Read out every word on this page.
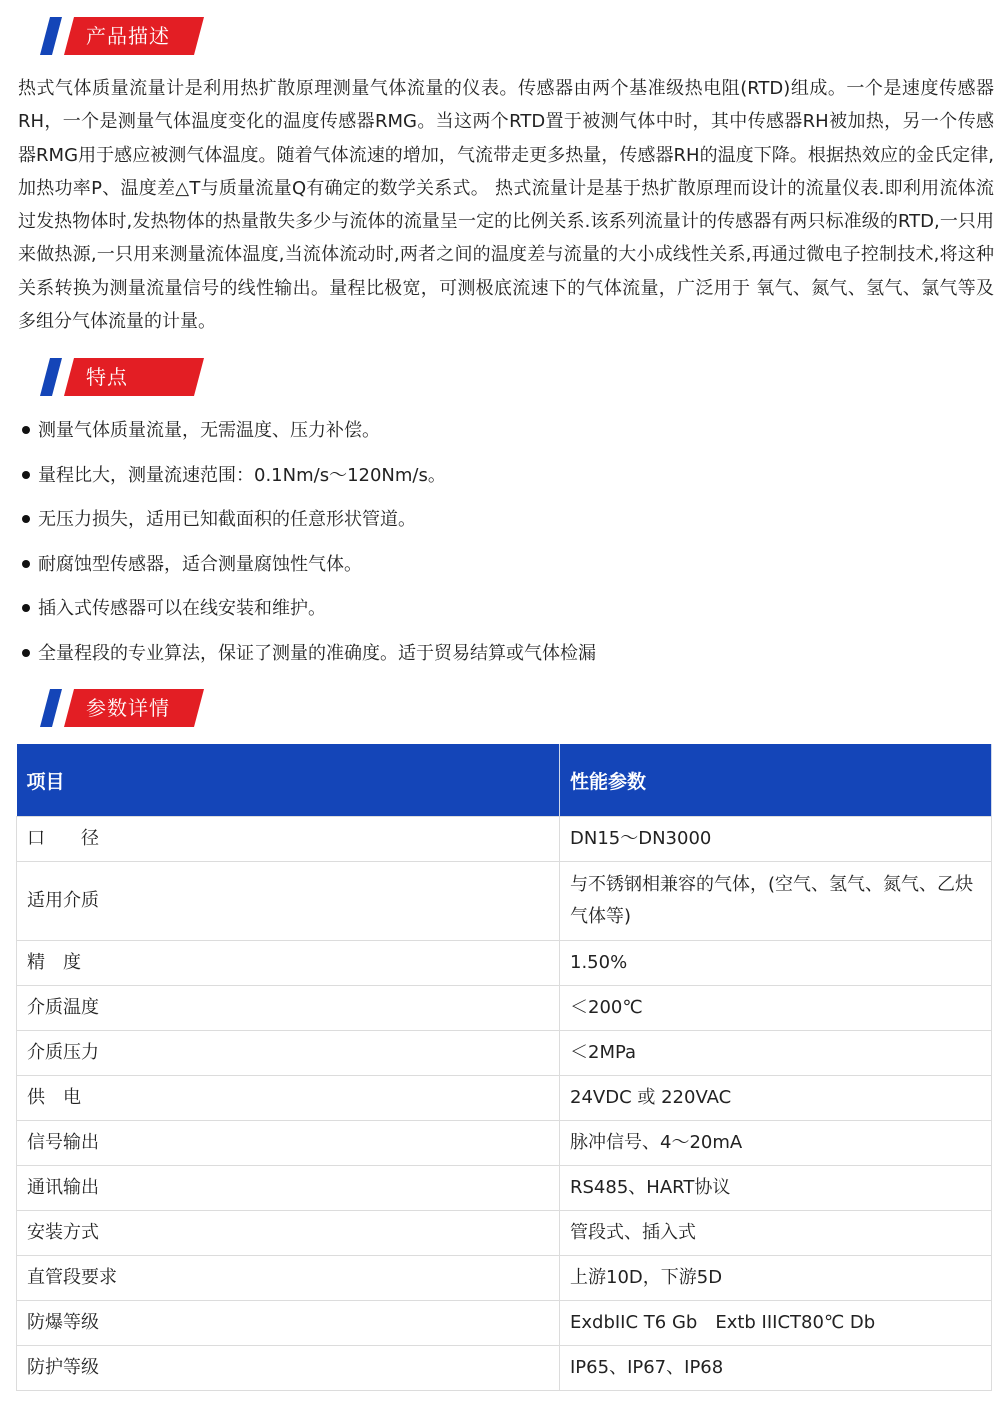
产品描述

热式气体质量流量计是利用热扩散原理测量气体流量的仪表。传感器由两个基准级热电阻(RTD)组成。一个是速度传感器RH，一个是测量气体温度变化的温度传感器RMG。当这两个RTD置于被测气体中时，其中传感器RH被加热，另一个传感器RMG用于感应被测气体温度。随着气体流速的增加，气流带走更多热量，传感器RH的温度下降。根据热效应的金氏定律,加热功率P、温度差△T与质量流量Q有确定的数学关系式。 热式流量计是基于热扩散原理而设计的流量仪表.即利用流体流过发热物体时,发热物体的热量散失多少与流体的流量呈一定的比例关系.该系列流量计的传感器有两只标准级的RTD,一只用来做热源,一只用来测量流体温度,当流体流动时,两者之间的温度差与流量的大小成线性关系,再通过微电子控制技术,将这种关系转换为测量流量信号的线性输出。量程比极宽，可测极底流速下的气体流量，广泛用于 氧气、氮气、氢气、氯气等及多组分气体流量的计量。

特点
测量气体质量流量，无需温度、压力补偿。
量程比大，测量流速范围：0.1Nm/s～120Nm/s。
无压力损失，适用已知截面积的任意形状管道。
耐腐蚀型传感器，适合测量腐蚀性气体。
插入式传感器可以在线安装和维护。
全量程段的专业算法，保证了测量的准确度。适于贸易结算或气体检漏
参数详情
项目	性能参数
口　　径	DN15～DN3000
适用介质	与不锈钢相兼容的气体，(空气、氢气、氮气、乙炔气体等)
精　度	1.50%
介质温度	＜200℃
介质压力	＜2MPa
供　电	24VDC 或 220VAC
信号输出	脉冲信号、4～20mA
通讯输出	RS485、HART协议
安装方式	管段式、插入式
直管段要求	上游10D，下游5D
防爆等级	ExdbIIC T6 Gb　Extb IIICT80℃ Db
防护等级	IP65、IP67、IP68
